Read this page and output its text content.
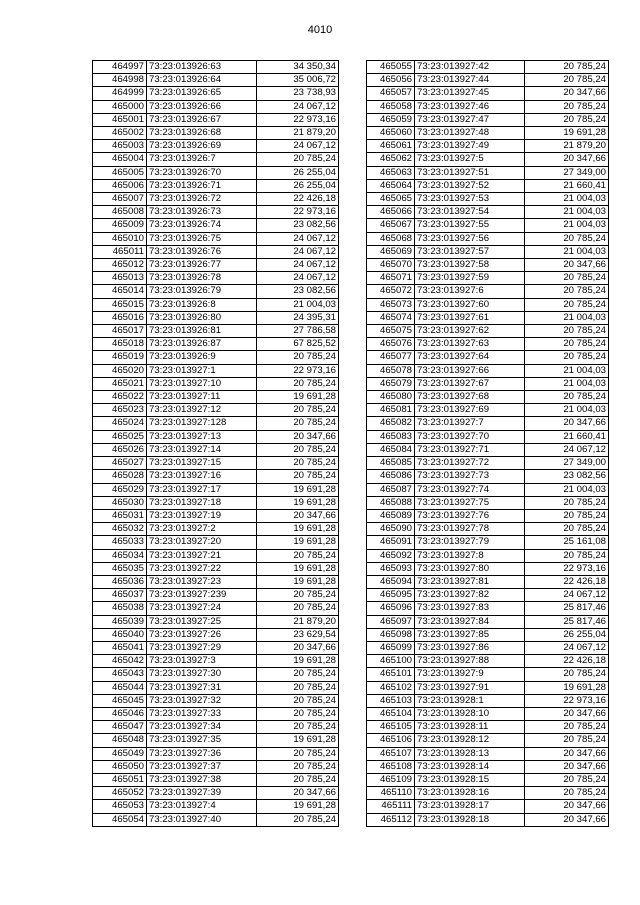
4010
464997	73:23:013926:63	34 350,34
464998	73:23:013926:64	35 006,72
464999	73:23:013926:65	23 738,93
465000	73:23:013926:66	24 067,12
465001	73:23:013926:67	22 973,16
465002	73:23:013926:68	21 879,20
465003	73:23:013926:69	24 067,12
465004	73:23:013926:7	20 785,24
465005	73:23:013926:70	26 255,04
465006	73:23:013926:71	26 255,04
465007	73:23:013926:72	22 426,18
465008	73:23:013926:73	22 973,16
465009	73:23:013926:74	23 082,56
465010	73:23:013926:75	24 067,12
465011	73:23:013926:76	24 067,12
465012	73:23:013926:77	24 067,12
465013	73:23:013926:78	24 067,12
465014	73:23:013926:79	23 082,56
465015	73:23:013926:8	21 004,03
465016	73:23:013926:80	24 395,31
465017	73:23:013926:81	27 786,58
465018	73:23:013926:87	67 825,52
465019	73:23:013926:9	20 785,24
465020	73:23:013927:1	22 973,16
465021	73:23:013927:10	20 785,24
465022	73:23:013927:11	19 691,28
465023	73:23:013927:12	20 785,24
465024	73:23:013927:128	20 785,24
465025	73:23:013927:13	20 347,66
465026	73:23:013927:14	20 785,24
465027	73:23:013927:15	20 785,24
465028	73:23:013927:16	20 785,24
465029	73:23:013927:17	19 691,28
465030	73:23:013927:18	19 691,28
465031	73:23:013927:19	20 347,66
465032	73:23:013927:2	19 691,28
465033	73:23:013927:20	19 691,28
465034	73:23:013927:21	20 785,24
465035	73:23:013927:22	19 691,28
465036	73:23:013927:23	19 691,28
465037	73:23:013927:239	20 785,24
465038	73:23:013927:24	20 785,24
465039	73:23:013927:25	21 879,20
465040	73:23:013927:26	23 629,54
465041	73:23:013927:29	20 347,66
465042	73:23:013927:3	19 691,28
465043	73:23:013927:30	20 785,24
465044	73:23:013927:31	20 785,24
465045	73:23:013927:32	20 785,24
465046	73:23:013927:33	20 785,24
465047	73:23:013927:34	20 785,24
465048	73:23:013927:35	19 691,28
465049	73:23:013927:36	20 785,24
465050	73:23:013927:37	20 785,24
465051	73:23:013927:38	20 785,24
465052	73:23:013927:39	20 347,66
465053	73:23:013927:4	19 691,28
465054	73:23:013927:40	20 785,24
465055	73:23:013927:42	20 785,24
465056	73:23:013927:44	20 785,24
465057	73:23:013927:45	20 347,66
465058	73:23:013927:46	20 785,24
465059	73:23:013927:47	20 785,24
465060	73:23:013927:48	19 691,28
465061	73:23:013927:49	21 879,20
465062	73:23:013927:5	20 347,66
465063	73:23:013927:51	27 349,00
465064	73:23:013927:52	21 660,41
465065	73:23:013927:53	21 004,03
465066	73:23:013927:54	21 004,03
465067	73:23:013927:55	21 004,03
465068	73:23:013927:56	20 785,24
465069	73:23:013927:57	21 004,03
465070	73:23:013927:58	20 347,66
465071	73:23:013927:59	20 785,24
465072	73:23:013927:6	20 785,24
465073	73:23:013927:60	20 785,24
465074	73:23:013927:61	21 004,03
465075	73:23:013927:62	20 785,24
465076	73:23:013927:63	20 785,24
465077	73:23:013927:64	20 785,24
465078	73:23:013927:66	21 004,03
465079	73:23:013927:67	21 004,03
465080	73:23:013927:68	20 785,24
465081	73:23:013927:69	21 004,03
465082	73:23:013927:7	20 347,66
465083	73:23:013927:70	21 660,41
465084	73:23:013927:71	24 067,12
465085	73:23:013927:72	27 349,00
465086	73:23:013927:73	23 082,56
465087	73:23:013927:74	21 004,03
465088	73:23:013927:75	20 785,24
465089	73:23:013927:76	20 785,24
465090	73:23:013927:78	20 785,24
465091	73:23:013927:79	25 161,08
465092	73:23:013927:8	20 785,24
465093	73:23:013927:80	22 973,16
465094	73:23:013927:81	22 426,18
465095	73:23:013927:82	24 067,12
465096	73:23:013927:83	25 817,46
465097	73:23:013927:84	25 817,46
465098	73:23:013927:85	26 255,04
465099	73:23:013927:86	24 067,12
465100	73:23:013927:88	22 426,18
465101	73:23:013927:9	20 785,24
465102	73:23:013927:91	19 691,28
465103	73:23:013928:1	22 973,16
465104	73:23:013928:10	20 347,66
465105	73:23:013928:11	20 785,24
465106	73:23:013928:12	20 785,24
465107	73:23:013928:13	20 347,66
465108	73:23:013928:14	20 347,66
465109	73:23:013928:15	20 785,24
465110	73:23:013928:16	20 785,24
465111	73:23:013928:17	20 347,66
465112	73:23:013928:18	20 347,66
